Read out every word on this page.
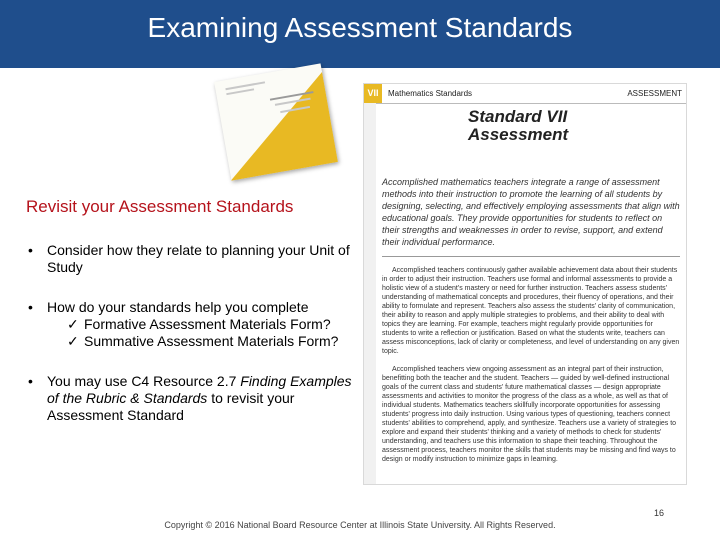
Examining Assessment Standards
Revisit your Assessment Standards
• Consider how they relate to planning your Unit of Study
• How do your standards help you complete
✓ Formative Assessment Materials Form?
✓ Summative Assessment Materials Form?
• You may use C4 Resource 2.7 Finding Examples of the Rubric & Standards to revisit your Assessment Standard
VII	Mathematics Standards	ASSESSMENT
Standard VII
Assessment
Accomplished mathematics teachers integrate a range of assessment methods into their instruction to promote the learning of all students by designing, selecting, and effectively employing assessments that align with educational goals. They provide opportunities for students to reflect on their strengths and weaknesses in order to revise, support, and extend their individual performance.

Accomplished teachers continuously gather available achievement data about their students in order to adjust their instruction. Teachers use formal and informal assessments to provide a holistic view of a student's mastery or need for further instruction. Teachers assess students' understanding of mathematical concepts and procedures, their fluency of operations, and their ability to formulate and represent. Teachers also assess the students' clarity of communication, their ability to reason and apply multiple strategies to problems, and their ability to deal with topics they are learning. For example, teachers might regularly provide opportunities for students to write a reflection or justification. Based on what the students write, teachers can assess misconceptions, lack of clarity or completeness, and level of understanding on any given topic.

Accomplished teachers view ongoing assessment as an integral part of their instruction, benefitting both the teacher and the student. Teachers — guided by well-defined instructional goals of the current class and students' future mathematical classes — design appropriate assessments and activities to monitor the progress of the class as a whole, as well as that of individual students. Mathematics teachers skillfully incorporate opportunities for assessing students' progress into daily instruction. Using various types of questioning, teachers connect students' abilities to comprehend, apply, and synthesize. Teachers use a variety of strategies to explore and expand their students' thinking and a variety of methods to check for students' understanding, and teachers use this information to shape their teaching. Throughout the assessment process, teachers monitor the skills that students may be missing and find ways to design or modify instruction to minimize gaps in learning.

16
Copyright © 2016 National Board Resource Center at Illinois State University. All Rights Reserved.
